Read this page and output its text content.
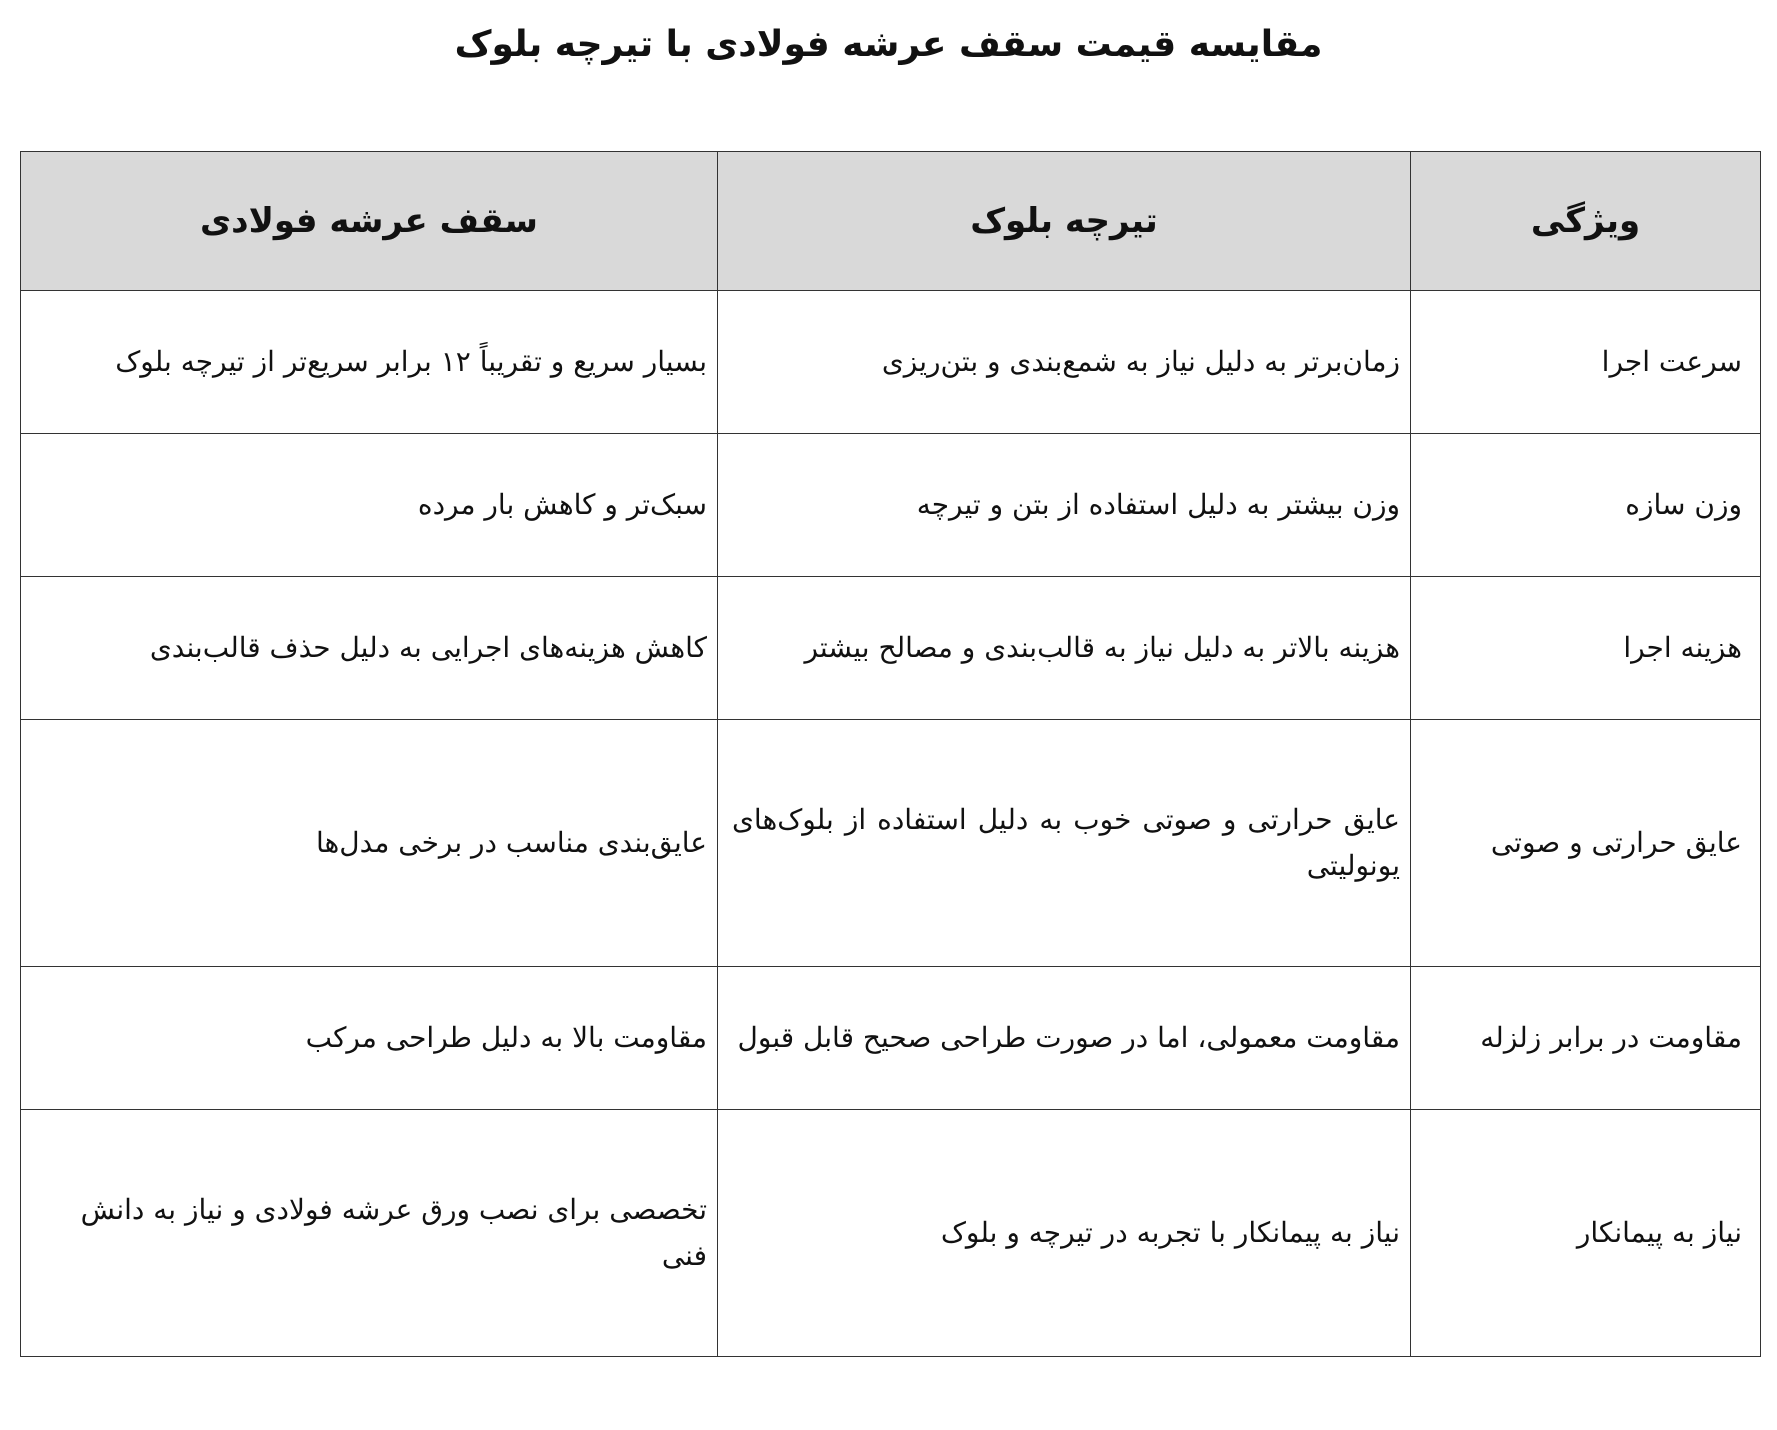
مقایسه قیمت سقف عرشه فولادی با تیرچه بلوک
ویژگی	تیرچه بلوک	سقف عرشه فولادی
سرعت اجرا	زمان‌برتر به دلیل نیاز به شمع‌بندی و بتن‌ریزی	بسیار سریع و تقریباً ۱۲ برابر سریع‌تر از تیرچه بلوک
وزن سازه	وزن بیشتر به دلیل استفاده از بتن و تیرچه	سبک‌تر و کاهش بار مرده
هزینه اجرا	هزینه بالاتر به دلیل نیاز به قالب‌بندی و مصالح بیشتر	کاهش هزینه‌های اجرایی به دلیل حذف قالب‌بندی
عایق حرارتی و صوتی	عایق حرارتی و صوتی خوب به دلیل استفاده از بلوک‌های یونولیتی	عایق‌بندی مناسب در برخی مدل‌ها
مقاومت در برابر زلزله	مقاومت معمولی، اما در صورت طراحی صحیح قابل قبول	مقاومت بالا به دلیل طراحی مرکب
نیاز به پیمانکار	نیاز به پیمانکار با تجربه در تیرچه و بلوک	تخصصی برای نصب ورق عرشه فولادی و نیاز به دانش فنی
